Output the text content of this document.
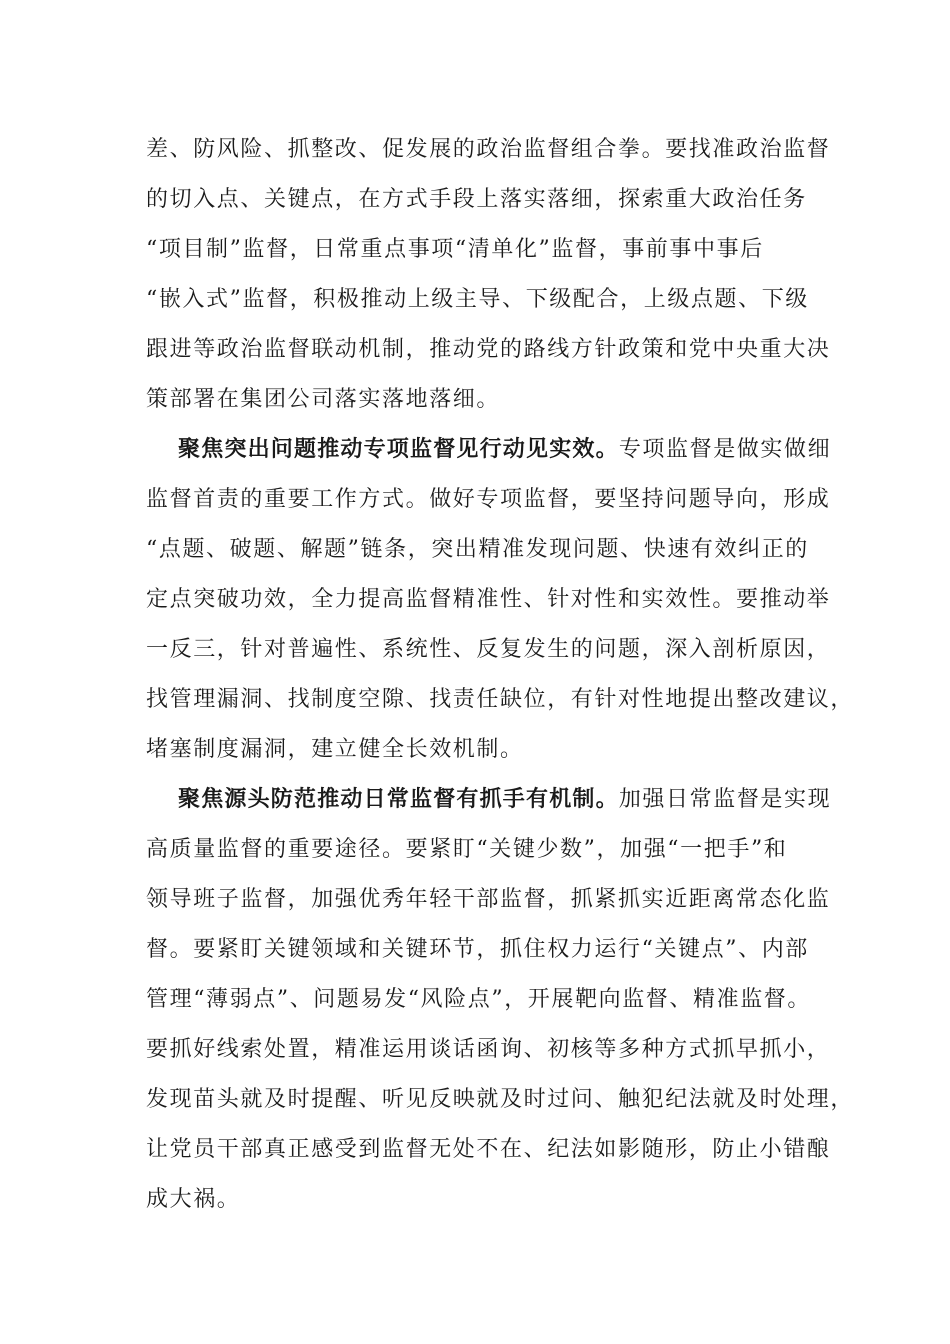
差、防风险、抓整改、促发展的政治监督组合拳。要找准政治监督
的切入点、关键点，在方式手段上落实落细，探索重大政治任务
“项目制”监督，日常重点事项“清单化”监督，事前事中事后
“嵌入式”监督，积极推动上级主导、下级配合，上级点题、下级
跟进等政治监督联动机制，推动党的路线方针政策和党中央重大决
策部署在集团公司落实落地落细。
聚焦突出问题推动专项监督见行动见实效。专项监督是做实做细
监督首责的重要工作方式。做好专项监督，要坚持问题导向，形成
“点题、破题、解题”链条，突出精准发现问题、快速有效纠正的
定点突破功效，全力提高监督精准性、针对性和实效性。要推动举
一反三，针对普遍性、系统性、反复发生的问题，深入剖析原因，
找管理漏洞、找制度空隙、找责任缺位，有针对性地提出整改建议，
堵塞制度漏洞，建立健全长效机制。
聚焦源头防范推动日常监督有抓手有机制。加强日常监督是实现
高质量监督的重要途径。要紧盯“关键少数”，加强“一把手”和
领导班子监督，加强优秀年轻干部监督，抓紧抓实近距离常态化监
督。要紧盯关键领域和关键环节，抓住权力运行“关键点”、内部
管理“薄弱点”、问题易发“风险点”，开展靶向监督、精准监督。
要抓好线索处置，精准运用谈话函询、初核等多种方式抓早抓小，
发现苗头就及时提醒、听见反映就及时过问、触犯纪法就及时处理，
让党员干部真正感受到监督无处不在、纪法如影随形，防止小错酿
成大祸。
